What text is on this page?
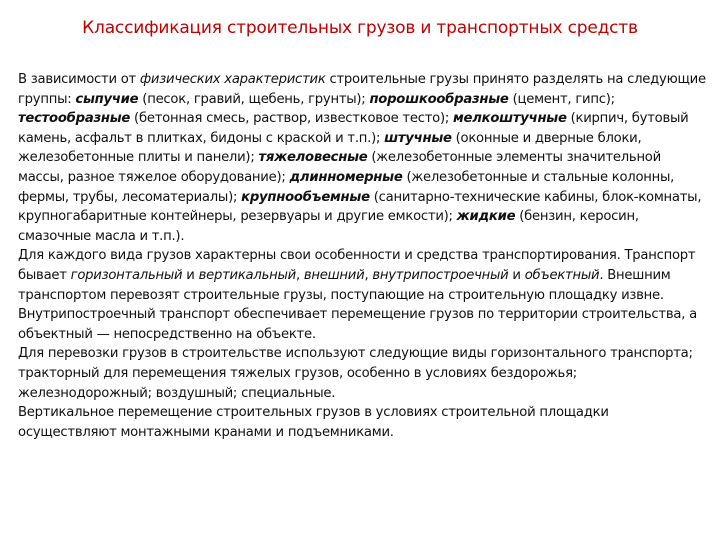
Классификация строительных грузов и транспортных средств

В зависимости от физических характеристик строительные грузы принято разделять на следующие группы: сыпучие (песок, гравий, щебень, грунты); порошкообразные (цемент, гипс); тестообразные (бетонная смесь, раствор, известковое тесто); мелкоштучные (кирпич, бутовый камень, асфальт в плитках, бидоны с краской и т.п.); штучные (оконные и дверные блоки, железобетонные плиты и панели); тяжеловесные (железобетонные элементы значительной массы, разное тяжелое оборудование); длинномерные (железобетонные и стальные колонны, фермы, трубы, лесоматериалы); крупнообъемные (санитарно-технические кабины, блок-комнаты, крупногабаритные контейнеры, резервуары и другие емкости); жидкие (бензин, керосин, смазочные масла и т.п.).

Для каждого вида грузов характерны свои особенности и средства транспортирования. Транспорт бывает горизонтальный и вертикальный, внешний, внутрипостроечный и объектный. Внешним транспортом перевозят строительные грузы, поступающие на строительную площадку извне. Внутрипостроечный транспорт обеспечивает перемещение грузов по территории строительства, а объектный — непосредственно на объекте.

Для перевозки грузов в строительстве используют следующие виды горизонтального транспорта; тракторный для перемещения тяжелых грузов, особенно в условиях бездорожья; железнодорожный; воздушный; специальные.

Вертикальное перемещение строительных грузов в условиях строительной площадки осуществляют монтажными кранами и подъемниками.
